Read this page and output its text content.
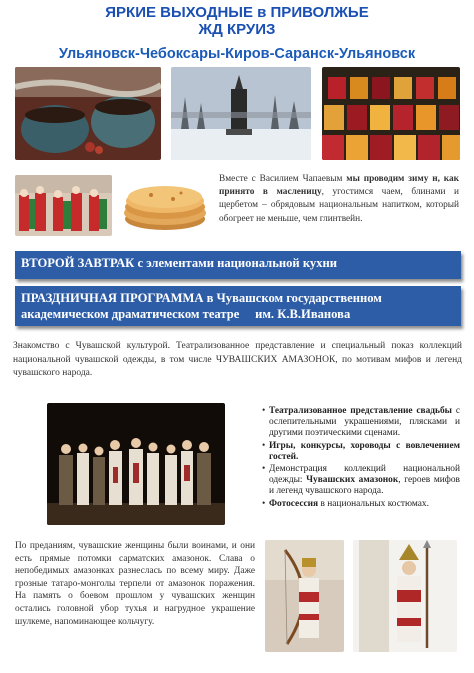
ЯРКИЕ ВЫХОДНЫЕ в ПРИВОЛЖЬЕ
ЖД КРУИЗ
Ульяновск-Чебоксары-Киров-Саранск-Ульяновск
Вместе с Василием Чапаевым мы проводим зиму н, как принято в масленицу, угостимся чаем, блинами и щербетом – обрядовым национальным напитком, который обогреет не меньше, чем глинтвейн.
ВТОРОЙ ЗАВТРАК с элементами национальной кухни
ПРАЗДНИЧНАЯ ПРОГРАММА в Чувашском государственном
академическом драматическом театре     им. К.В.Иванова
Знакомство с Чувашской культурой. Театрализованное представление и специальный показ коллекций национальной чувашской одежды, в том числе ЧУВАШСКИХ АМАЗОНОК, по мотивам мифов и легенд чувашского народа.
• Театрализованное представление свадьбы с ослепительными украшениями, плясками и другими поэтическими сценами.
• Игры, конкурсы, хороводы с вовлечением гостей.
• Демонстрация коллекций национальной одежды: Чувашских амазонок, героев мифов и легенд чувашского народа.
• Фотосессия в национальных костюмах.
По преданиям, чувашские женщины были воинами, и они есть прямые потомки сарматских амазонок. Слава о непобедимых амазонках разнеслась по всему миру. Даже грозные татаро-монголы терпели от амазонок поражения. На память о боевом прошлом у чувашских женщин остались головной убор тухья и нагрудное украшение шулкеме, напоминающее кольчугу.
